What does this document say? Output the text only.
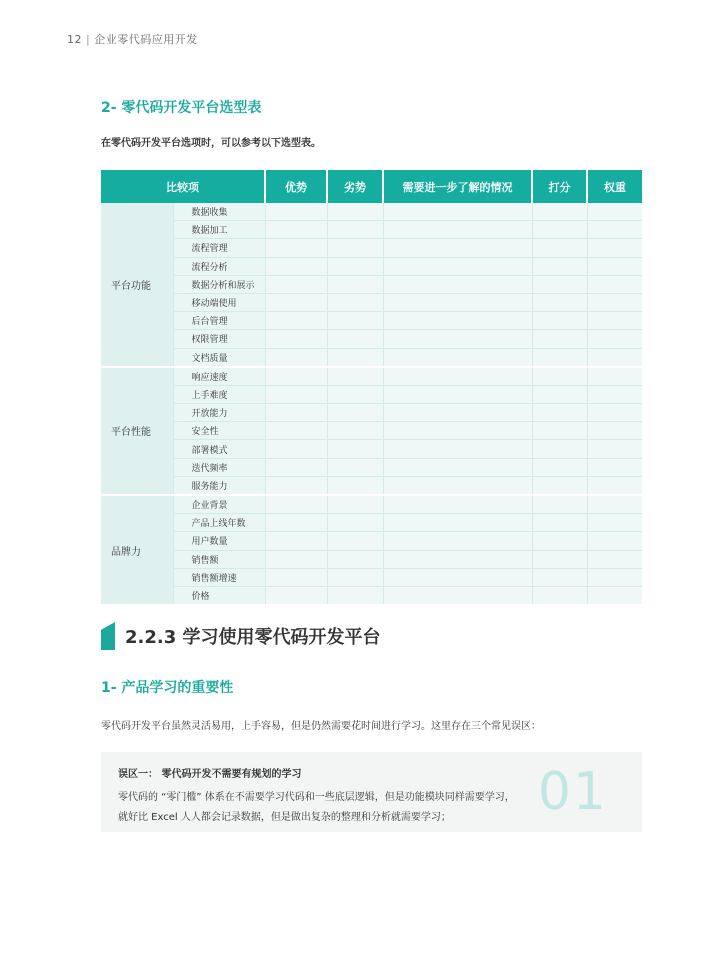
12 | 企业零代码应用开发
2- 零代码开发平台选型表
在零代码开发平台选项时，可以参考以下选型表。
比较项		优势	劣势	需要进一步了解的情况	打分	权重
平台功能	数据收集					
	数据加工					
	流程管理					
	流程分析					
	数据分析和展示					
	移动端使用					
	后台管理					
	权限管理					
	文档质量					
平台性能	响应速度					
	上手难度					
	开放能力					
	安全性					
	部署模式					
	迭代频率					
	服务能力					
品牌力	企业背景					
	产品上线年数					
	用户数量					
	销售额					
	销售额增速					
	价格					
2.2.3 学习使用零代码开发平台
1- 产品学习的重要性
零代码开发平台虽然灵活易用，上手容易，但是仍然需要花时间进行学习。这里存在三个常见误区：
误区一： 零代码开发不需要有规划的学习
零代码的 “零门槛” 体系在不需要学习代码和一些底层逻辑，但是功能模块同样需要学习，
就好比 Excel 人人都会记录数据，但是做出复杂的整理和分析就需要学习； 01
